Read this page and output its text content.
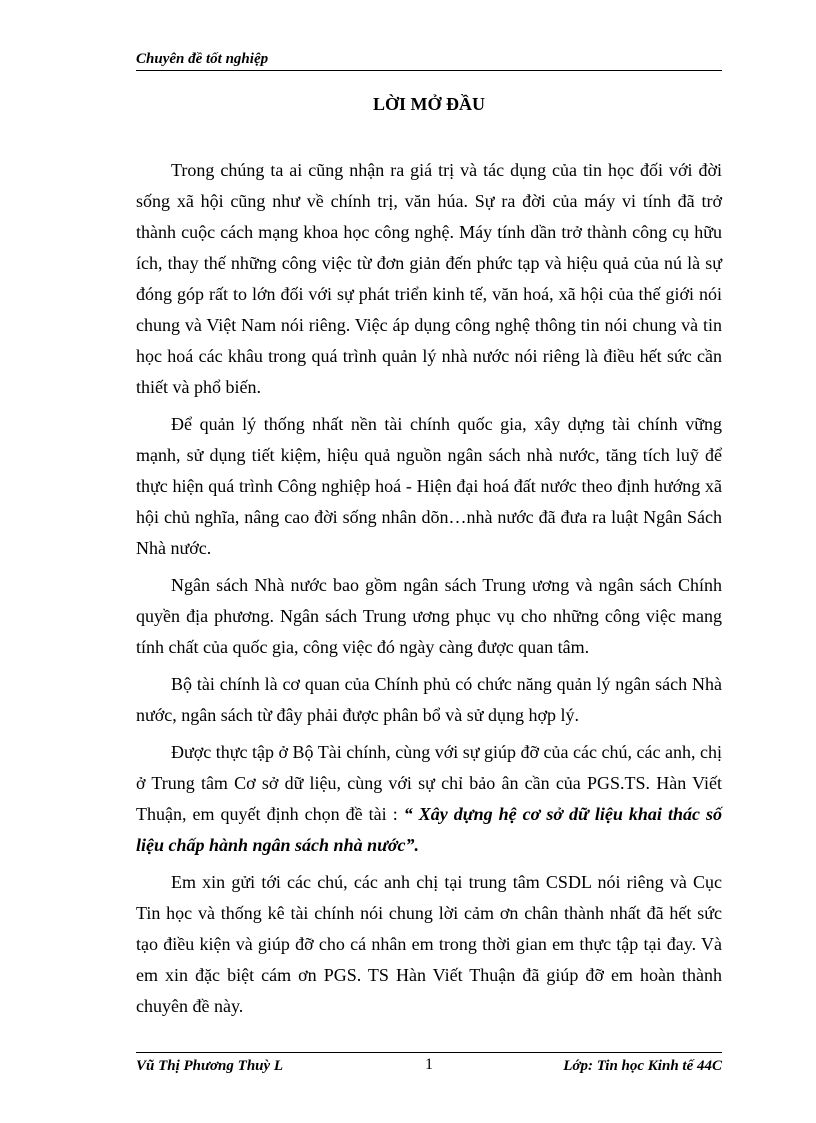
Chuyên đề tốt nghiệp
LỜI MỞ ĐẦU

Trong chúng ta ai cũng nhận ra giá trị và tác dụng của tin học đối với đời sống xã hội cũng như về chính trị, văn húa. Sự ra đời của máy vi tính đã trở thành cuộc cách mạng khoa học công nghệ. Máy tính dần trở thành công cụ hữu ích, thay thế những công việc từ đơn giản đến phức tạp và hiệu quả của nú là sự đóng góp rất to lớn đối với sự phát triển kinh tế, văn hoá, xã hội của thế giới nói chung và Việt Nam nói riêng. Việc áp dụng công nghệ thông tin nói chung và tin học hoá các khâu trong quá trình quản lý nhà nước nói riêng là điều hết sức cần thiết và phổ biến.

Để quản lý thống nhất nền tài chính quốc gia, xây dựng tài chính vững mạnh, sử dụng tiết kiệm, hiệu quả nguồn ngân sách nhà nước, tăng tích luỹ để thực hiện quá trình Công nghiệp hoá - Hiện đại hoá đất nước theo định hướng xã hội chủ nghĩa, nâng cao đời sống nhân dõn…nhà nước đã đưa ra luật Ngân Sách Nhà nước.

Ngân sách Nhà nước bao gồm ngân sách Trung ương và ngân sách Chính quyền địa phương. Ngân sách Trung ương phục vụ cho những công việc mang tính chất của quốc gia, công việc đó ngày càng được quan tâm.

Bộ tài chính là cơ quan của Chính phủ có chức năng quản lý ngân sách Nhà nước, ngân sách từ đây phải được phân bổ và sử dụng hợp lý.

Được thực tập ở Bộ Tài chính, cùng với sự giúp đỡ của các chú, các anh, chị ở Trung tâm Cơ sở dữ liệu, cùng với sự chỉ bảo ân cần của PGS.TS. Hàn Viết Thuận, em quyết định chọn đề tài : “ Xây dựng hệ cơ sở dữ liệu khai thác số liệu chấp hành ngân sách nhà nước”.

Em xin gửi tới các chú, các anh chị tại trung tâm CSDL nói riêng và Cục Tin học và thống kê tài chính nói chung lời cảm ơn chân thành nhất đã hết sức tạo điều kiện và giúp đỡ cho cá nhân em trong thời gian em thực tập tại đay. Và em xin đặc biệt cám ơn PGS. TS Hàn Viết Thuận đã giúp đỡ em hoàn thành chuyên đề này.

Vũ Thị Phương Thuỳ L	1	Lớp: Tin học Kinh tế 44C
